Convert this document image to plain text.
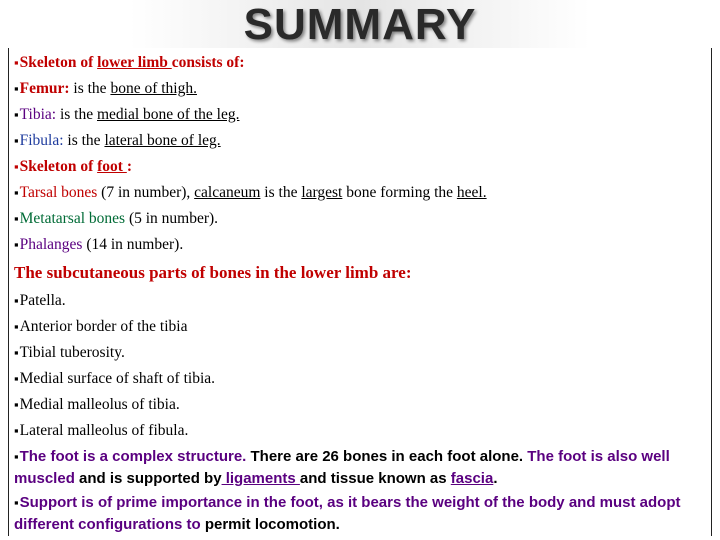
SUMMARY
▪Skeleton of lower limb consists of:
▪Femur: is the bone of thigh.
▪Tibia: is the medial bone of the leg.
▪Fibula: is the lateral bone of leg.
▪Skeleton of foot :
▪Tarsal bones (7 in number), calcaneum is the largest bone forming the heel.
▪Metatarsal bones (5 in number).
▪Phalanges (14 in number).
The subcutaneous parts of bones in the lower limb are:
▪Patella.
▪Anterior border of the tibia
▪Tibial tuberosity.
▪Medial surface of shaft of tibia.
▪Medial malleolus of tibia.
▪Lateral malleolus of fibula.
▪The foot is a complex structure. There are 26 bones in each foot alone. The foot is also well muscled and is supported by ligaments and tissue known as fascia.
▪Support is of prime importance in the foot, as it bears the weight of the body and must adopt different configurations to permit locomotion.
